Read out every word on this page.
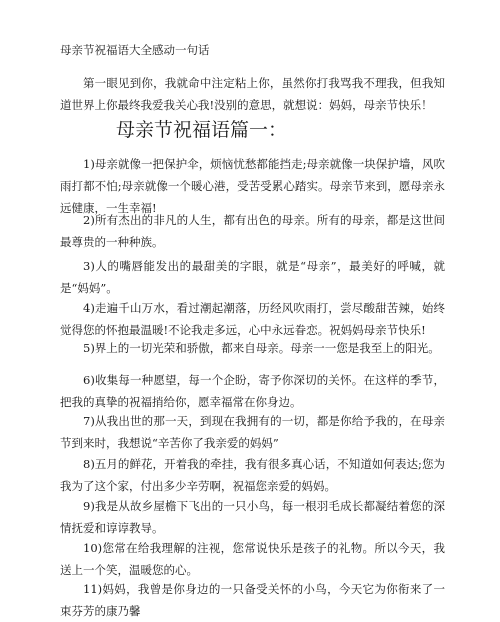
母亲节祝福语大全感动一句话

第一眼见到你，我就命中注定粘上你，虽然你打我骂我不理我，但我知道世界上你最终我爱我关心我!没别的意思，就想说：妈妈，母亲节快乐！

母亲节祝福语篇一：

1)母亲就像一把保护伞，烦恼忧愁都能挡走;母亲就像一块保护墙，风吹雨打都不怕;母亲就像一个暖心港，受苦受累心踏实。母亲节来到，愿母亲永远健康，一生幸福!

2)所有杰出的非凡的人生，都有出色的母亲。所有的母亲，都是这世间最尊贵的一种种族。

3)人的嘴唇能发出的最甜美的字眼，就是“母亲”，最美好的呼喊，就是“妈妈”。

4)走遍千山万水，看过潮起潮落，历经风吹雨打，尝尽酸甜苦辣，始终觉得您的怀抱最温暖!不论我走多远，心中永远眷恋。祝妈妈母亲节快乐!

5)界上的一切光荣和骄傲，都来自母亲。母亲一一您是我至上的阳光。

6)收集每一种愿望，每一个企盼，寄予你深切的关怀。在这样的季节，把我的真挚的祝福捎给你，愿幸福常在你身边。

7)从我出世的那一天，到现在我拥有的一切，都是你给予我的，在母亲节到来时，我想说“辛苦你了我亲爱的妈妈”

8)五月的鲜花，开着我的牵挂，我有很多真心话，不知道如何表达;您为我为了这个家，付出多少辛劳啊，祝福您亲爱的妈妈。

9)我是从故乡屋檐下飞出的一只小鸟，每一根羽毛成长都凝结着您的深情抚爱和谆谆教导。

10)您常在给我理解的注视，您常说快乐是孩子的礼物。所以今天，我送上一个笑，温暖您的心。

11)妈妈，我曾是你身边的一只备受关怀的小鸟，今天它为你衔来了一束芬芳的康乃馨
